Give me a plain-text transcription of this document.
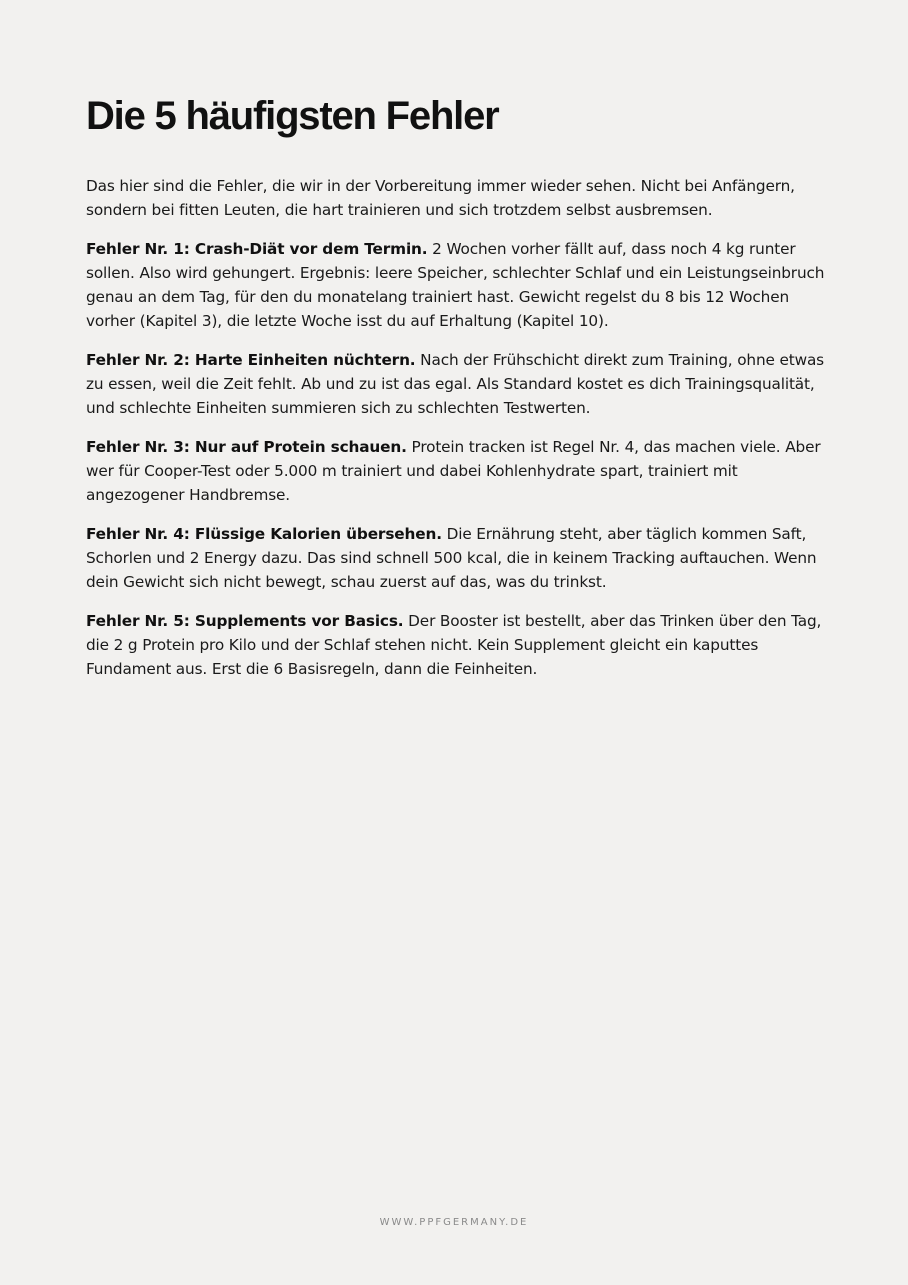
Die 5 häufigsten Fehler

Das hier sind die Fehler, die wir in der Vorbereitung immer wieder sehen. Nicht bei Anfängern, sondern bei fitten Leuten, die hart trainieren und sich trotzdem selbst ausbremsen.

Fehler Nr. 1: Crash-Diät vor dem Termin. 2 Wochen vorher fällt auf, dass noch 4 kg runter sollen. Also wird gehungert. Ergebnis: leere Speicher, schlechter Schlaf und ein Leistungseinbruch genau an dem Tag, für den du monatelang trainiert hast. Gewicht regelst du 8 bis 12 Wochen vorher (Kapitel 3), die letzte Woche isst du auf Erhaltung (Kapitel 10).

Fehler Nr. 2: Harte Einheiten nüchtern. Nach der Frühschicht direkt zum Training, ohne etwas zu essen, weil die Zeit fehlt. Ab und zu ist das egal. Als Standard kostet es dich Trainingsqualität, und schlechte Einheiten summieren sich zu schlechten Testwerten.

Fehler Nr. 3: Nur auf Protein schauen. Protein tracken ist Regel Nr. 4, das machen viele. Aber wer für Cooper-Test oder 5.000 m trainiert und dabei Kohlenhydrate spart, trainiert mit angezogener Handbremse.

Fehler Nr. 4: Flüssige Kalorien übersehen. Die Ernährung steht, aber täglich kommen Saft, Schorlen und 2 Energy dazu. Das sind schnell 500 kcal, die in keinem Tracking auftauchen. Wenn dein Gewicht sich nicht bewegt, schau zuerst auf das, was du trinkst.

Fehler Nr. 5: Supplements vor Basics. Der Booster ist bestellt, aber das Trinken über den Tag, die 2 g Protein pro Kilo und der Schlaf stehen nicht. Kein Supplement gleicht ein kaputtes Fundament aus. Erst die 6 Basisregeln, dann die Feinheiten.

WWW.PPFGERMANY.DE
